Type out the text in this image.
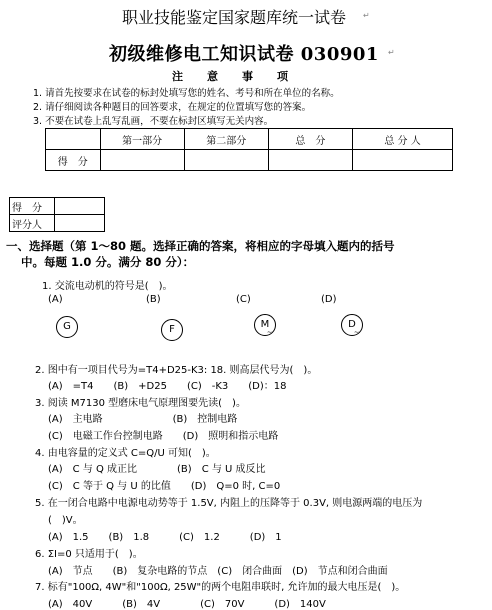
职业技能鉴定国家题库统一试卷 ↵
初级维修电工知识试卷 030901 ↵
注意事项
1. 请首先按要求在试卷的标封处填写您的姓名、考号和所在单位的名称。
2. 请仔细阅读各种题目的回答要求，在规定的位置填写您的答案。
3. 不要在试卷上乱写乱画，不要在标封区填写无关内容。
	第一部分	第二部分	总　分	总 分 人
得　分				
得　分	
评分人	
一、选择题（第 1～80 题。选择正确的答案，将相应的字母填入题内的括号
中。每题 1.0 分。满分 80 分）：
1. 交流电动机的符号是(　)。
(A)	(B)	(C)	(D)
G	F	M
~
D
~
2. 图中有一项目代号为=T4+D25-K3: 18. 则高层代号为(　)。
(A)　=T4　　(B)　+D25　　(C)　-K3　　(D)：18
3. 阅读 M7130 型磨床电气原理图要先读(　)。
(A)　主电路　　　　　　　(B)　控制电路
(C)　电磁工作台控制电路　　(D)　照明和指示电路
4. 由电容量的定义式 C=Q/U 可知(　)。
(A)　C 与 Q 成正比　　　　(B)　C 与 U 成反比
(C)　C 等于 Q 与 U 的比值　　(D)　Q=0 时, C=0
5. 在一闭合电路中电源电动势等于 1.5V, 内阻上的压降等于 0.3V, 则电源两端的电压为
(　)V。
(A)　1.5　　(B)　1.8　　　(C)　1.2　　　(D)　1
6. ΣI=0 只适用于(　)。
(A)　节点　　(B)　复杂电路的节点　(C)　闭合曲面　(D)　节点和闭合曲面
7. 标有"100Ω, 4W"和"100Ω, 25W"的两个电阻串联时, 允许加的最大电压是(　)。
(A)　40V　　　(B)　4V　　　　(C)　70V　　　(D)　140V
